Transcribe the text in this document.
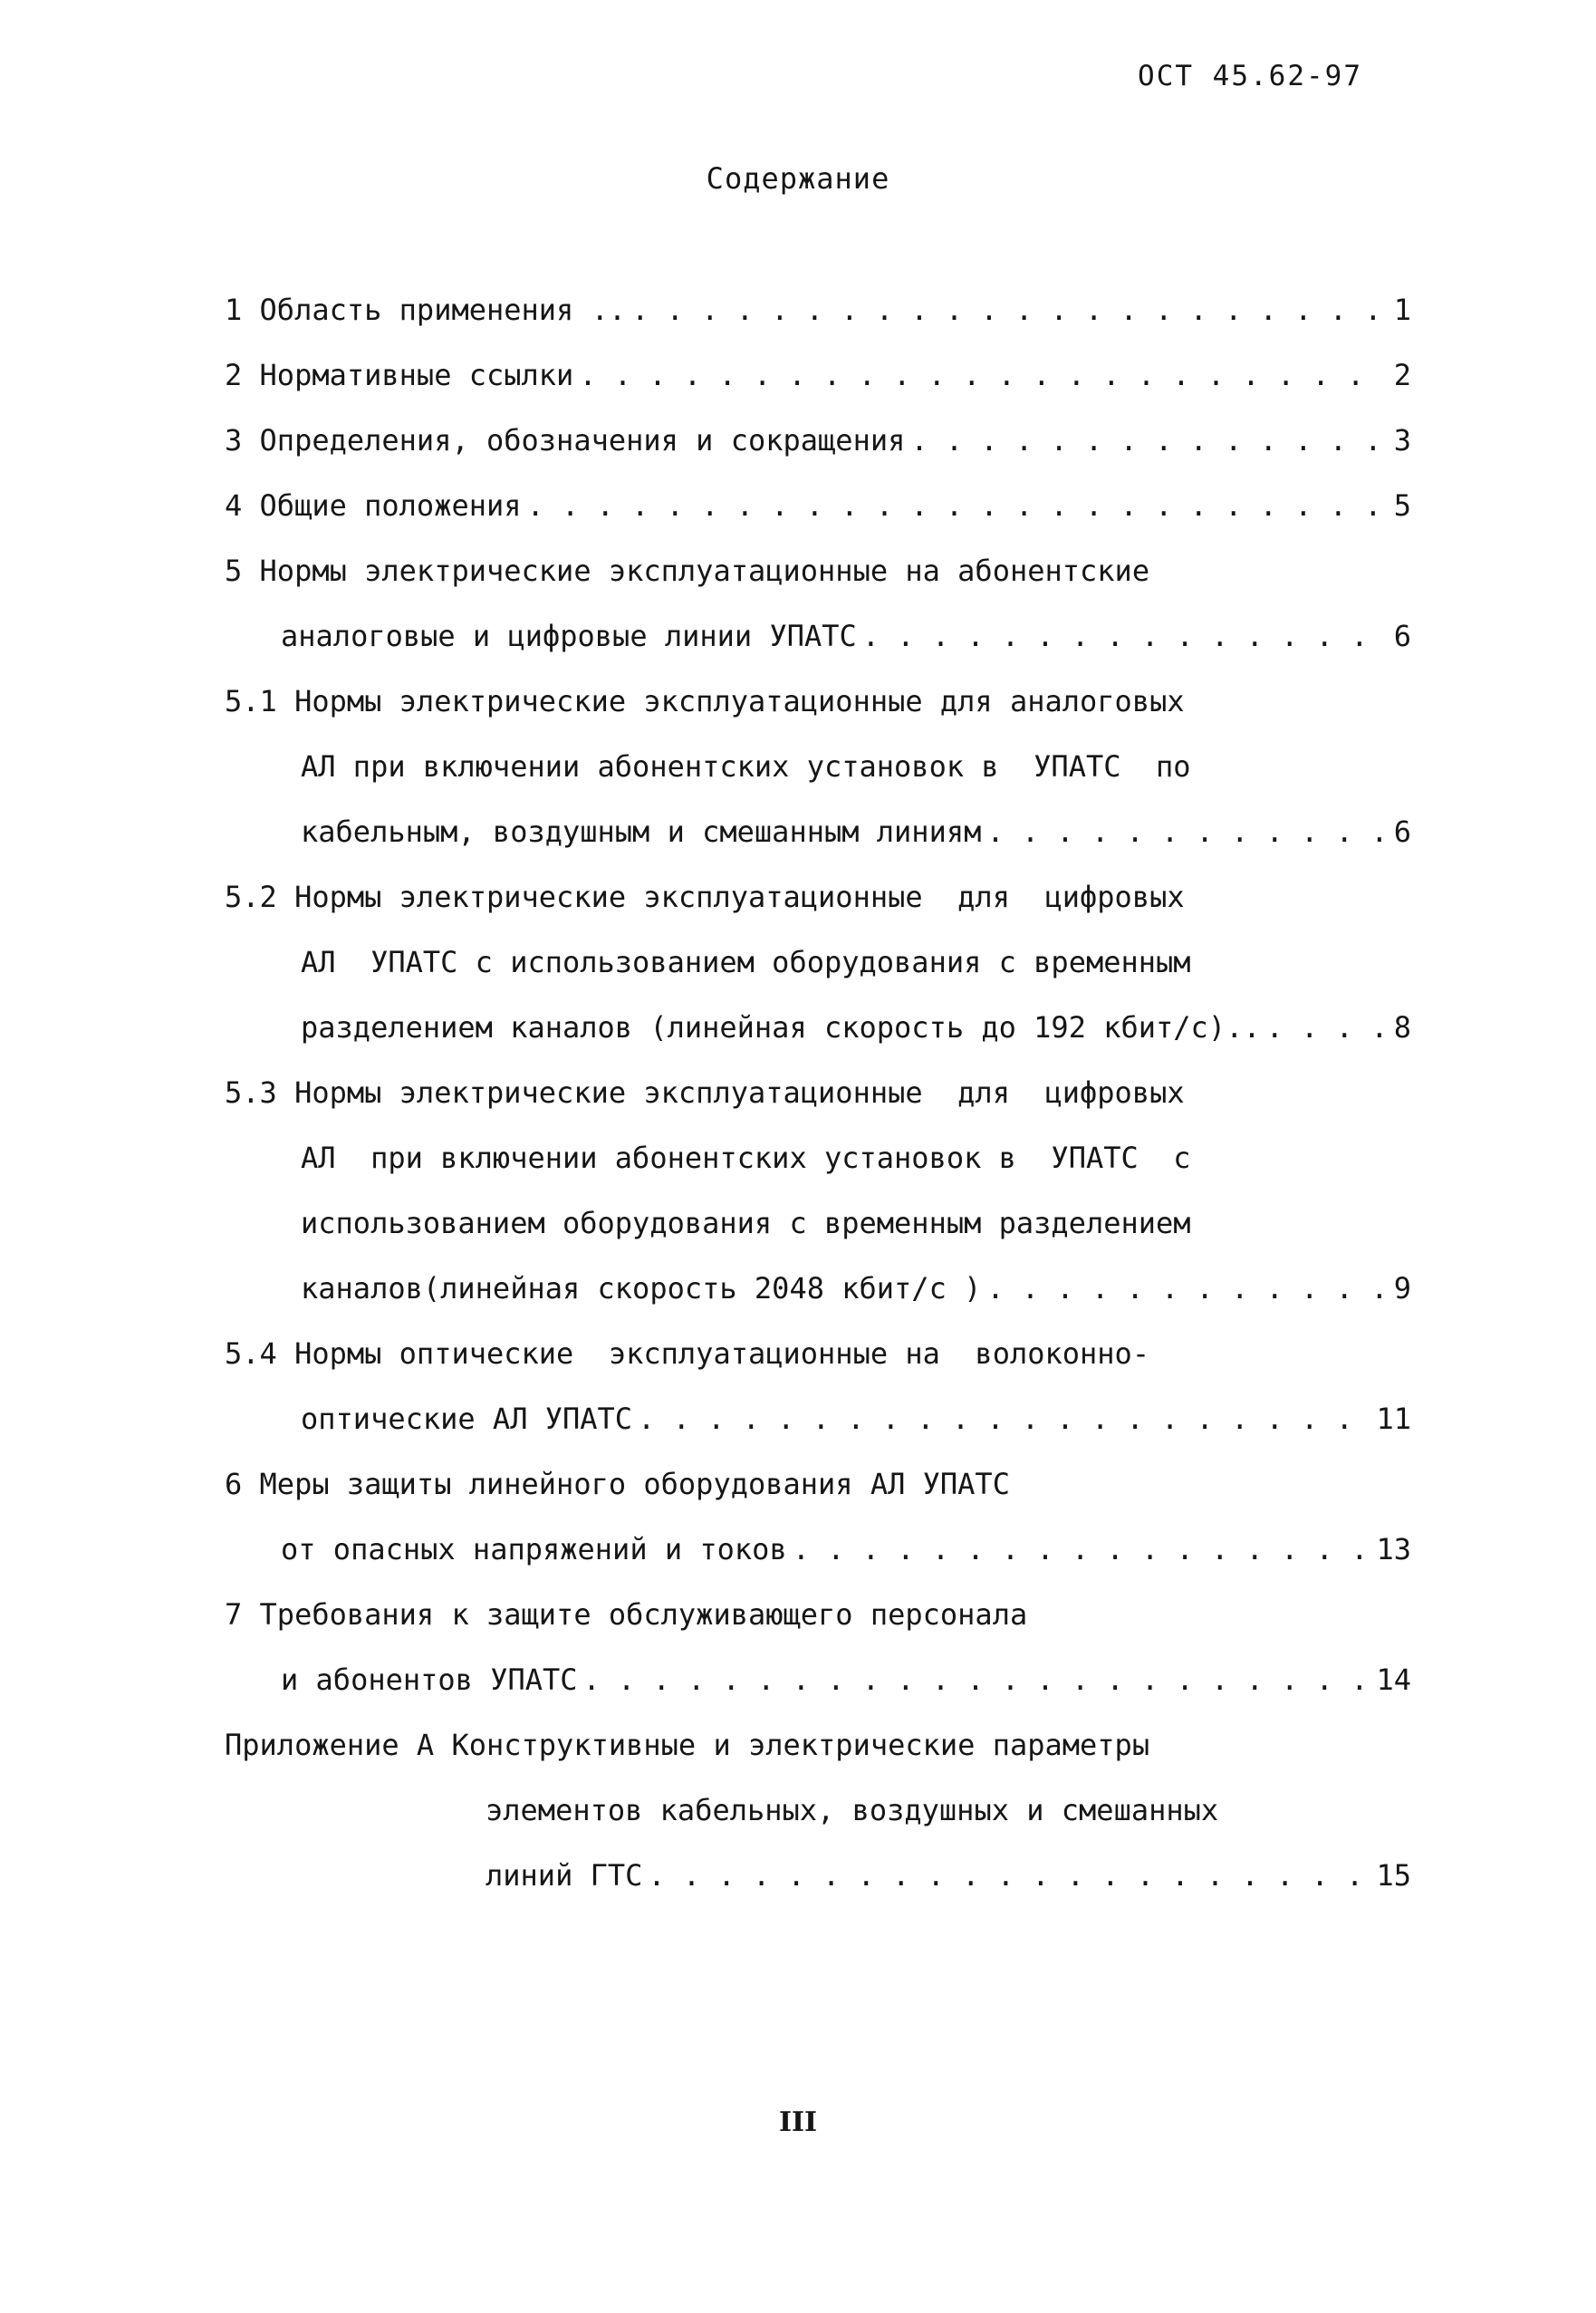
ОСТ 45.62-97
Содержание
1 Область применения .. . . .	1
2 Нормативные ссылки . . .	2
3 Определения, обозначения и сокращения . . .	3
4 Общие положения . . .	5
5 Нормы электрические эксплуатационные на абонентские
аналоговые и цифровые линии УПАТС . . .	6
5.1 Нормы электрические эксплуатационные для аналоговых
АЛ при включении абонентских установок в  УПАТС  по
кабельным, воздушным и смешанным линиям . . .	6
5.2 Нормы электрические эксплуатационные  для  цифровых
АЛ  УПАТС с использованием оборудования с временным
разделением каналов (линейная скорость до 192 кбит/с).. . . .	8
5.3 Нормы электрические эксплуатационные  для  цифровых
АЛ  при включении абонентских установок в  УПАТС  с
использованием оборудования с временным разделением
каналов(линейная скорость 2048 кбит/с ) . . .	9
5.4 Нормы оптические  эксплуатационные на  волоконно-
оптические АЛ УПАТС . . .	11
6 Меры защиты линейного оборудования АЛ УПАТС
от опасных напряжений и токов . . .	13
7 Требования к защите обслуживающего персонала
и абонентов УПАТС . . .	14
Приложение А Конструктивные и электрические параметры
элементов кабельных, воздушных и смешанных
линий ГТС . . .	15
III
